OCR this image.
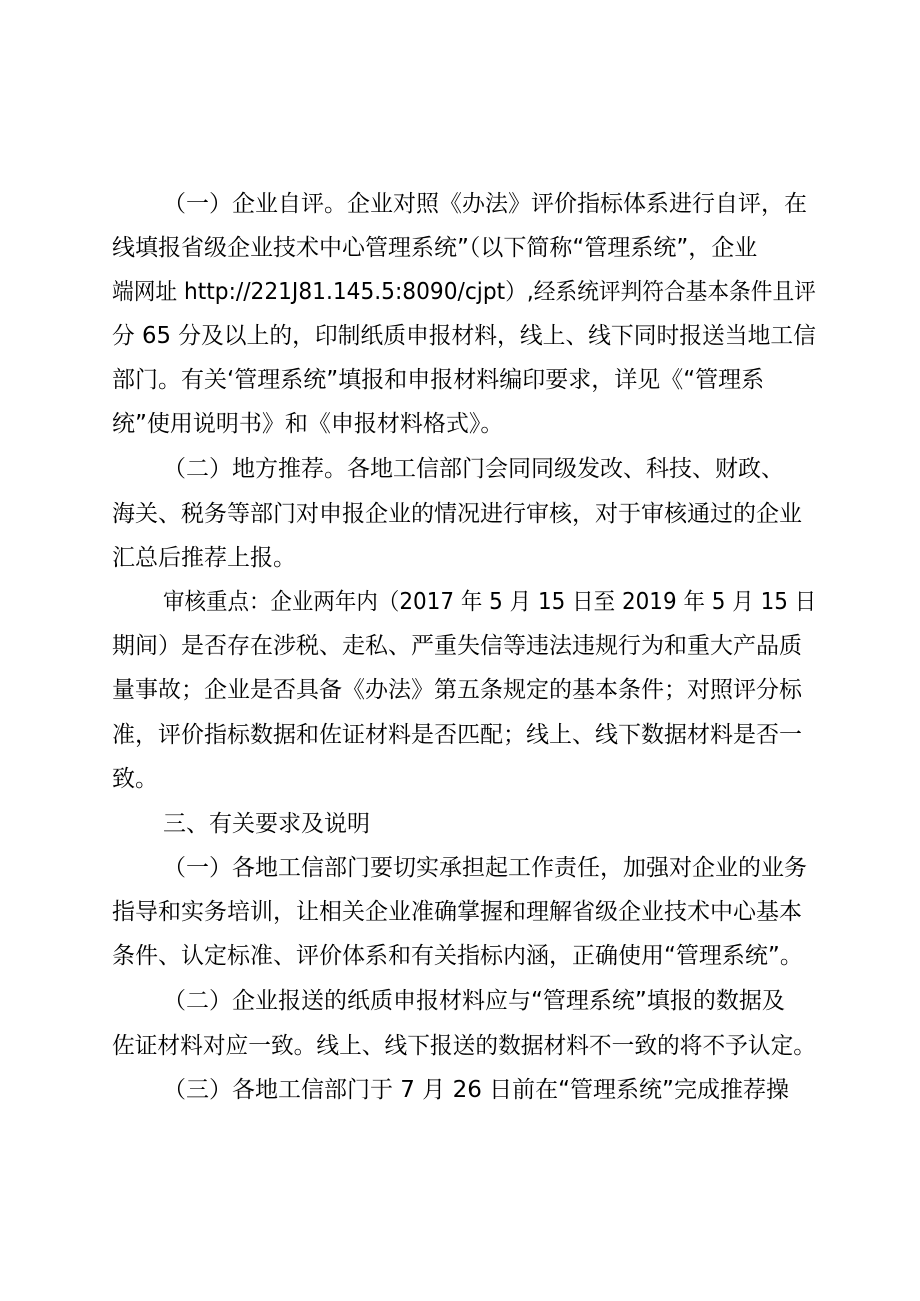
（一）企业自评。企业对照《办法》评价指标体系进行自评，在
线填报省级企业技术中心管理系统”（以下简称“管理系统”，企业
端网址 http://221J81.145.5:8090/cjpt）,经系统评判符合基本条件且评
分 65 分及以上的，印制纸质申报材料，线上、线下同时报送当地工信
部门。有关‘管理系统”填报和申报材料编印要求，详见《“管理系
统”使用说明书》和《申报材料格式》。
（二）地方推荐。各地工信部门会同同级发改、科技、财政、
海关、税务等部门对申报企业的情况进行审核，对于审核通过的企业
汇总后推荐上报。
审核重点：企业两年内（2017 年 5 月 15 日至 2019 年 5 月 15 日
期间）是否存在涉税、走私、严重失信等违法违规行为和重大产品质
量事故；企业是否具备《办法》第五条规定的基本条件；对照评分标
准，评价指标数据和佐证材料是否匹配；线上、线下数据材料是否一
致。
三、有关要求及说明
（一）各地工信部门要切实承担起工作责任，加强对企业的业务
指导和实务培训，让相关企业准确掌握和理解省级企业技术中心基本
条件、认定标准、评价体系和有关指标内涵，正确使用“管理系统”。
（二）企业报送的纸质申报材料应与“管理系统”填报的数据及
佐证材料对应一致。线上、线下报送的数据材料不一致的将不予认定。
（三）各地工信部门于 7 月 26 日前在“管理系统”完成推荐操
